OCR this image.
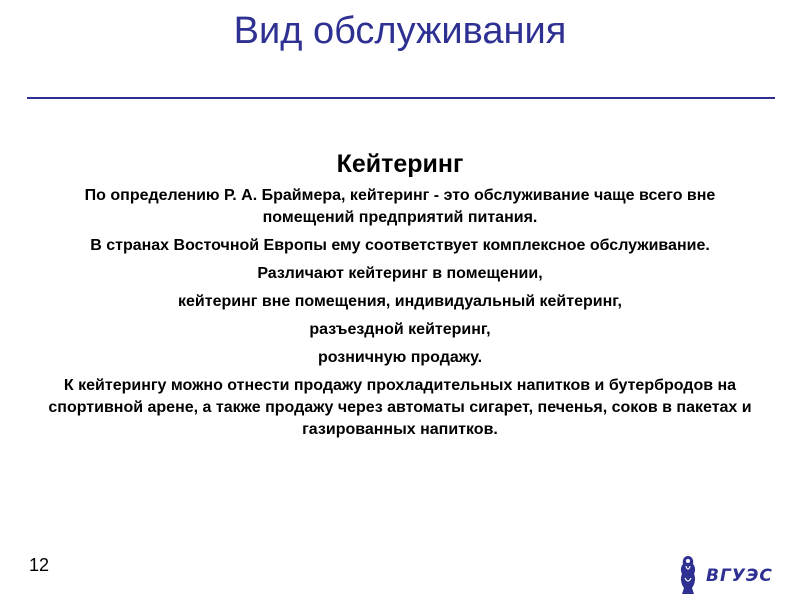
Вид обслуживания
Кейтеринг
По определению Р. А. Браймера, кейтеринг - это обслуживание чаще всего вне помещений предприятий питания.
В странах Восточной Европы ему соответствует комплексное обслуживание.
Различают кейтеринг в помещении,
кейтеринг вне помещения, индивидуальный кейтеринг,
разъездной кейтеринг,
розничную продажу.
К кейтерингу можно отнести продажу прохладительных напитков и бутербродов на спортивной арене, а также продажу через автоматы сигарет, печенья, соков в пакетах и газированных напитков.
12
ВГУЭС
